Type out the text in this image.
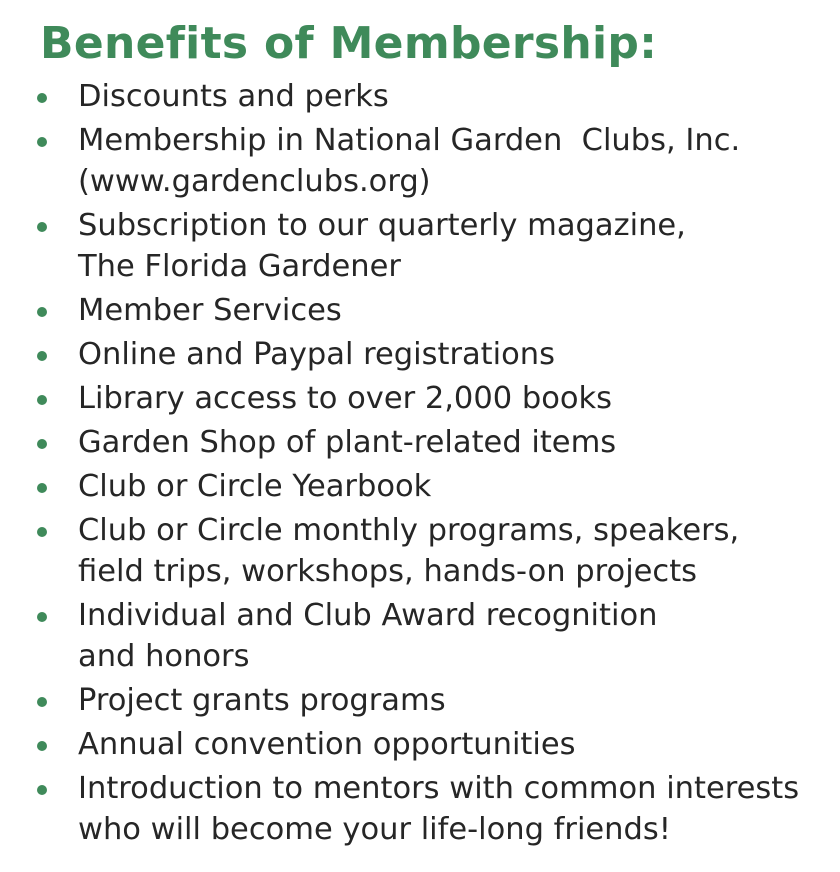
Benefits of Membership:
Discounts and perks
Membership in National Garden  Clubs, Inc.
(www.gardenclubs.org)
Subscription to our quarterly magazine,
The Florida Gardener
Member Services
Online and Paypal registrations
Library access to over 2,000 books
Garden Shop of plant-related items
Club or Circle Yearbook
Club or Circle monthly programs, speakers,
field trips, workshops, hands-on projects
Individual and Club Award recognition
and honors
Project grants programs
Annual convention opportunities
Introduction to mentors with common interests
who will become your life-long friends!
